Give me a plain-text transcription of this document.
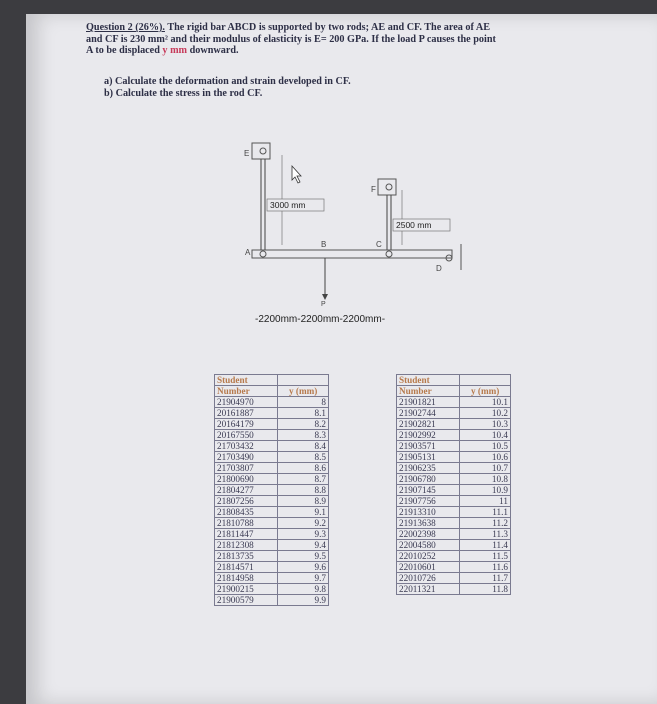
Question 2 (26%). The rigid bar ABCD is supported by two rods; AE and CF. The area of AE
and CF is 230 mm² and their modulus of elasticity is E= 200 GPa. If the load P causes the point
A to be displaced y mm downward.
a) Calculate the deformation and strain developed in CF.
b) Calculate the stress in the rod CF.
E
3000 mm
F
2500 mm
A
B	C
D
P
-2200mm-2200mm-2200mm-
Student	
Number	y (mm)
21904970	8
20161887	8.1
20164179	8.2
20167550	8.3
21703432	8.4
21703490	8.5
21703807	8.6
21800690	8.7
21804277	8.8
21807256	8.9
21808435	9.1
21810788	9.2
21811447	9.3
21812308	9.4
21813735	9.5
21814571	9.6
21814958	9.7
21900215	9.8
21900579	9.9
Student	
Number	y (mm)
21901821	10.1
21902744	10.2
21902821	10.3
21902992	10.4
21903571	10.5
21905131	10.6
21906235	10.7
21906780	10.8
21907145	10.9
21907756	11
21913310	11.1
21913638	11.2
22002398	11.3
22004580	11.4
22010252	11.5
22010601	11.6
22010726	11.7
22011321	11.8
